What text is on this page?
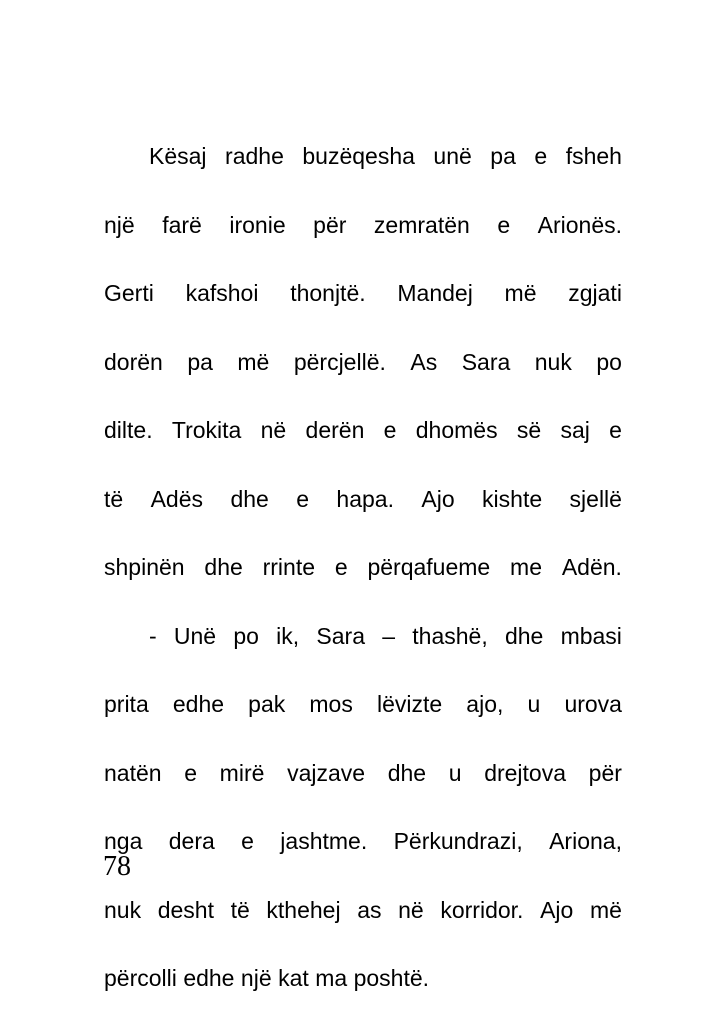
Kësaj radhe buzëqesha unë pa e fsheh
një farë ironie për zemratën e Arionës.
Gerti kafshoi thonjtë. Mandej më zgjati
dorën pa më përcjellë. As Sara nuk po
dilte. Trokita në derën e dhomës së saj e
të Adës dhe e hapa. Ajo kishte sjellë
shpinën dhe rrinte e përqafueme me Adën.
- Unë po ik, Sara – thashë, dhe mbasi
prita edhe pak mos lëvizte ajo, u urova
natën e mirë vajzave dhe u drejtova për
nga dera e jashtme. Përkundrazi, Ariona,
nuk desht të kthehej as në korridor. Ajo më
përcolli edhe një kat ma poshtë.
78
